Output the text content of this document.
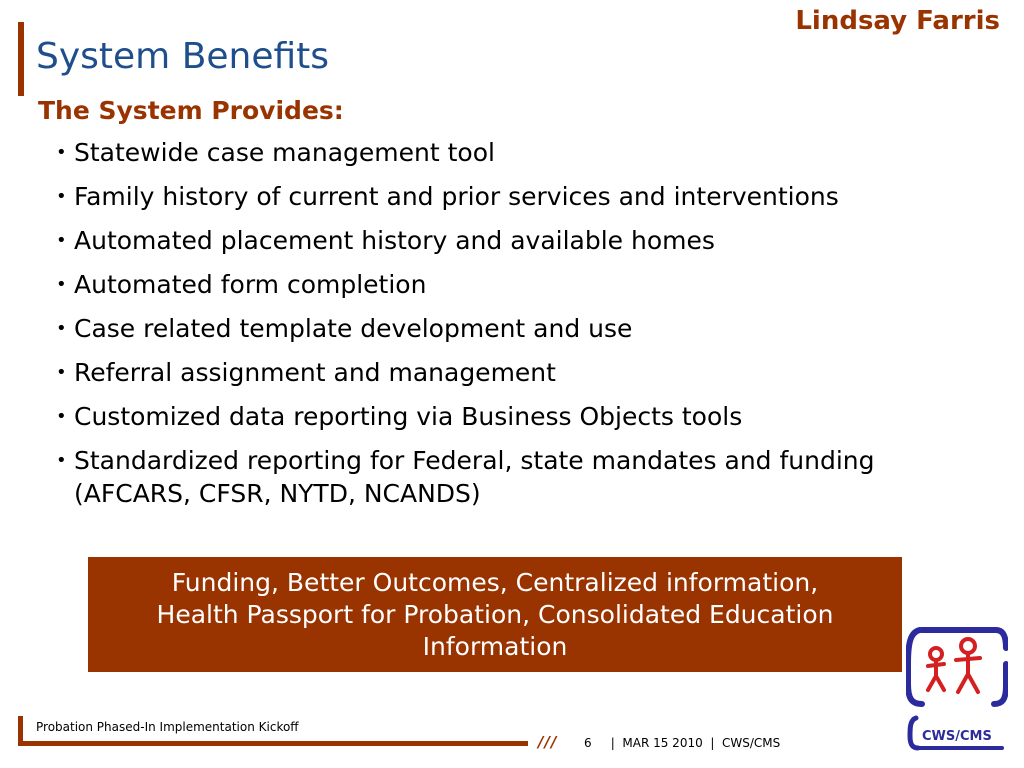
Lindsay Farris
System Benefits
The System Provides:
• Statewide case management tool
• Family history of current and prior services and interventions
• Automated placement history and available homes
• Automated form completion
• Case related template development and use
• Referral assignment and management
• Customized data reporting via Business Objects tools
• Standardized reporting for Federal, state mandates and funding (AFCARS, CFSR, NYTD, NCANDS)
Funding, Better Outcomes, Centralized information,
Health Passport for Probation, Consolidated Education
Information
Probation Phased-In Implementation Kickoff
/// 6     |  MAR 15 2010  |  CWS/CMS	CWS/CMS
